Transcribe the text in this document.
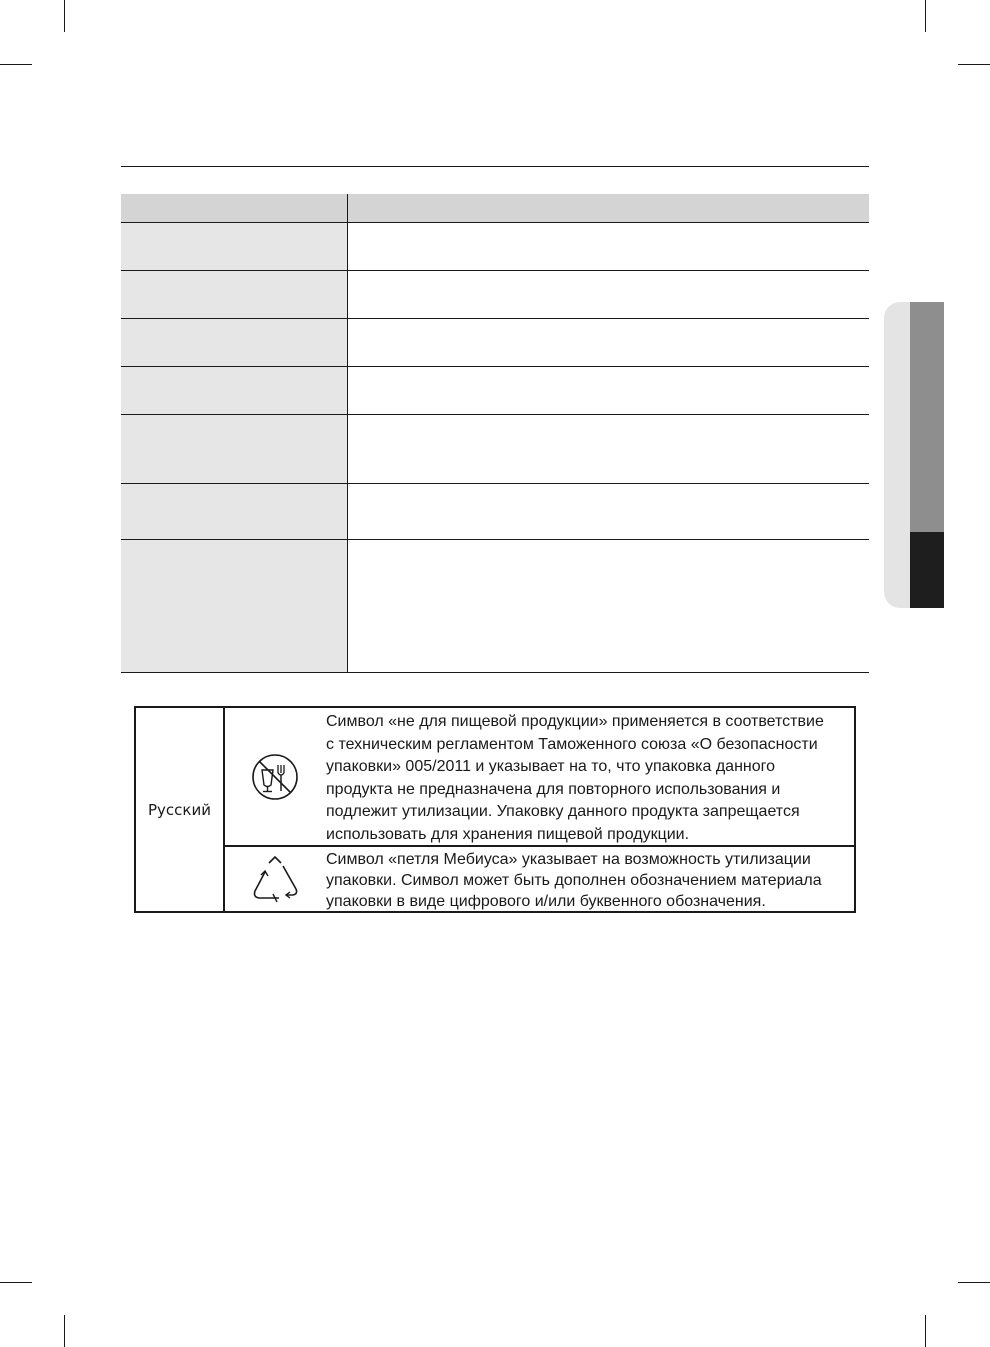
Русский
Символ «не для пищевой продукции» применяется в соответствие
с техническим регламентом Таможенного союза «О безопасности
упаковки» 005/2011 и указывает на то, что упаковка данного
продукта не предназначена для повторного использования и
подлежит утилизации. Упаковку данного продукта запрещается
использовать для хранения пищевой продукции.
Символ «петля Мебиуса» указывает на возможность утилизации
упаковки. Символ может быть дополнен обозначением материала
упаковки в виде цифрового и/или буквенного обозначения.
